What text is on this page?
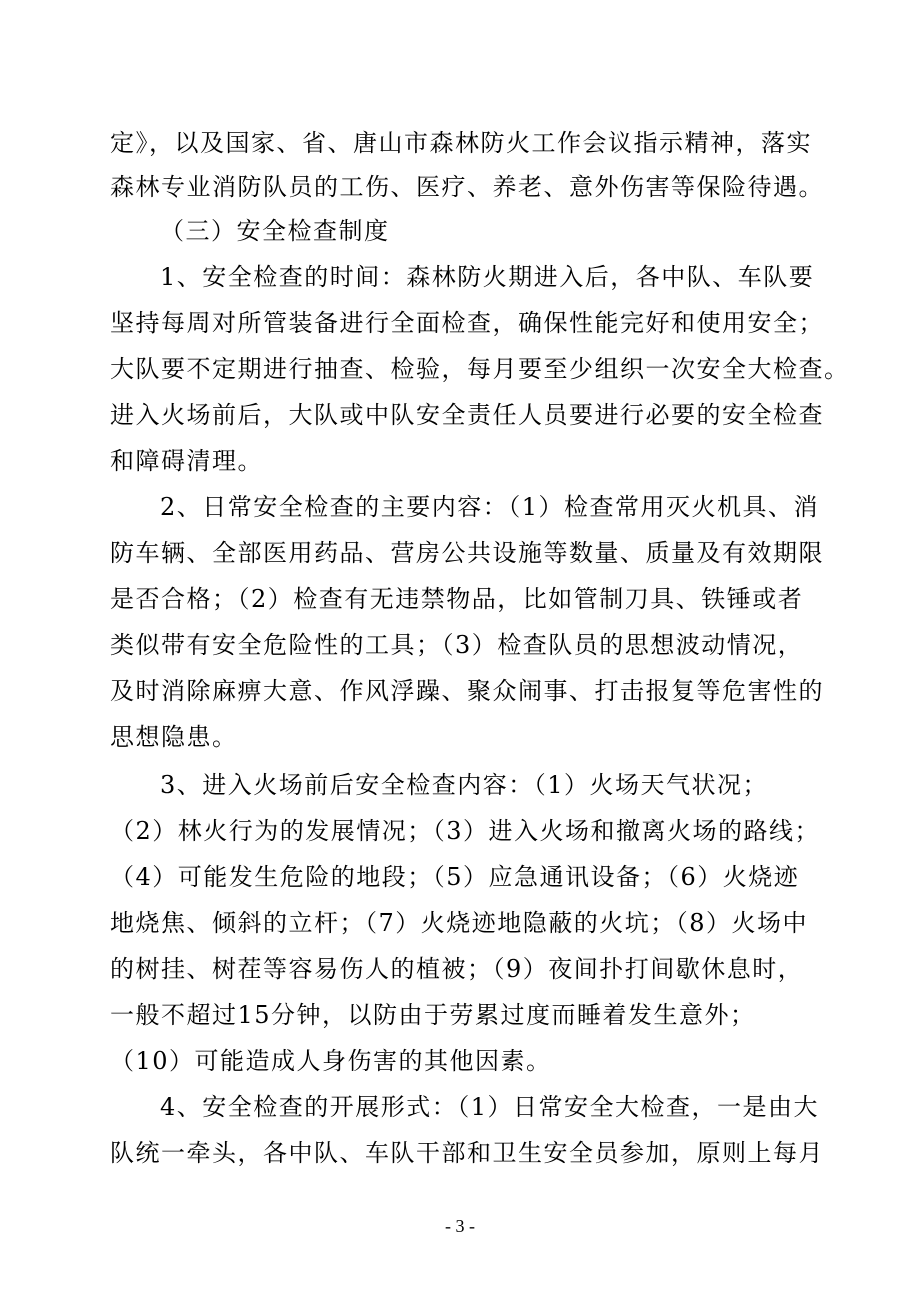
定》，以及国家、省、唐山市森林防火工作会议指示精神，落实
森林专业消防队员的工伤、医疗、养老、意外伤害等保险待遇。
（三）安全检查制度
1、安全检查的时间：森林防火期进入后，各中队、车队要
坚持每周对所管装备进行全面检查，确保性能完好和使用安全；
大队要不定期进行抽查、检验，每月要至少组织一次安全大检查。
进入火场前后，大队或中队安全责任人员要进行必要的安全检查
和障碍清理。
2、日常安全检查的主要内容：（1）检查常用灭火机具、消
防车辆、全部医用药品、营房公共设施等数量、质量及有效期限
是否合格；（2）检查有无违禁物品，比如管制刀具、铁锤或者
类似带有安全危险性的工具；（3）检查队员的思想波动情况，
及时消除麻痹大意、作风浮躁、聚众闹事、打击报复等危害性的
思想隐患。
3、进入火场前后安全检查内容：（1）火场天气状况；
（2）林火行为的发展情况；（3）进入火场和撤离火场的路线；
（4）可能发生危险的地段；（5）应急通讯设备；（6）火烧迹
地烧焦、倾斜的立杆；（7）火烧迹地隐蔽的火坑；（8）火场中
的树挂、树茬等容易伤人的植被；（9）夜间扑打间歇休息时，
一般不超过15分钟，以防由于劳累过度而睡着发生意外；
（10）可能造成人身伤害的其他因素。
4、安全检查的开展形式：（1）日常安全大检查，一是由大
队统一牵头，各中队、车队干部和卫生安全员参加，原则上每月
- 3 -
